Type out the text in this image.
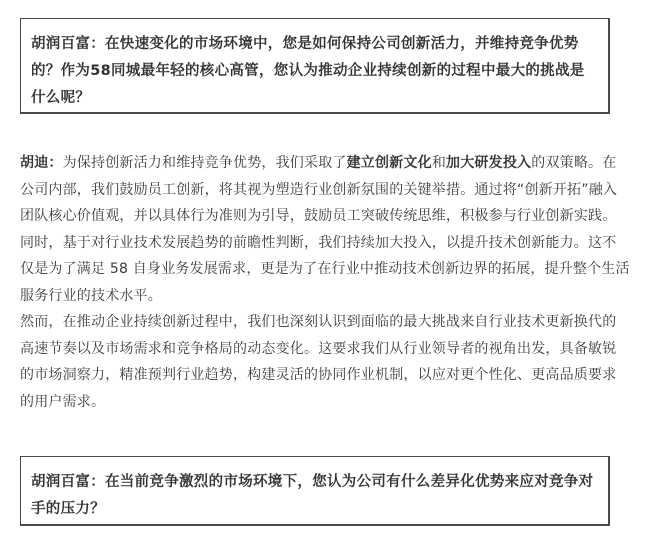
胡润百富：在快速变化的市场环境中，您是如何保持公司创新活力，并维持竞争优势的？作为58同城最年轻的核心高管，您认为推动企业持续创新的过程中最大的挑战是什么呢？

胡迪：为保持创新活力和维持竞争优势，我们采取了建立创新文化和加大研发投入的双策略。在公司内部，我们鼓励员工创新，将其视为塑造行业创新氛围的关键举措。通过将“创新开拓”融入团队核心价值观，并以具体行为准则为引导，鼓励员工突破传统思维，积极参与行业创新实践。同时，基于对行业技术发展趋势的前瞻性判断，我们持续加大投入，以提升技术创新能力。这不仅是为了满足 58 自身业务发展需求，更是为了在行业中推动技术创新边界的拓展，提升整个生活服务行业的技术水平。

然而，在推动企业持续创新过程中，我们也深刻认识到面临的最大挑战来自行业技术更新换代的高速节奏以及市场需求和竞争格局的动态变化。这要求我们从行业领导者的视角出发，具备敏锐的市场洞察力，精准预判行业趋势，构建灵活的协同作业机制，以应对更个性化、更高品质要求的用户需求。

胡润百富：在当前竞争激烈的市场环境下，您认为公司有什么差异化优势来应对竞争对手的压力？
